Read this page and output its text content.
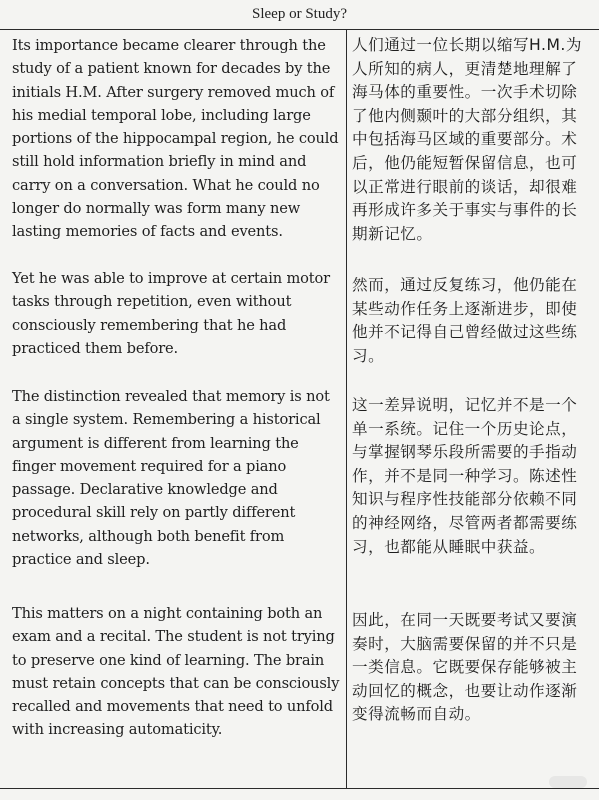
Sleep or Study?

Its importance became clearer through the study of a patient known for decades by the initials H.M. After surgery removed much of his medial temporal lobe, including large portions of the hippocampal region, he could still hold information briefly in mind and carry on a conversation. What he could no longer do normally was form many new lasting memories of facts and events.

Yet he was able to improve at certain motor tasks through repetition, even without consciously remembering that he had practiced them before.

The distinction revealed that memory is not a single system. Remembering a historical argument is different from learning the finger movement required for a piano passage. Declarative knowledge and procedural skill rely on partly different networks, although both benefit from practice and sleep.

This matters on a night containing both an exam and a recital. The student is not trying to preserve one kind of learning. The brain must retain concepts that can be consciously recalled and movements that need to unfold with increasing automaticity.

人们通过一位长期以缩写H.M.为人所知的病人，更清楚地理解了海马体的重要性。一次手术切除了他内侧颞叶的大部分组织，其中包括海马区域的重要部分。术后，他仍能短暂保留信息，也可以正常进行眼前的谈话，却很难再形成许多关于事实与事件的长期新记忆。

然而，通过反复练习，他仍能在某些动作任务上逐渐进步，即使他并不记得自己曾经做过这些练习。

这一差异说明，记忆并不是一个单一系统。记住一个历史论点，与掌握钢琴乐段所需要的手指动作，并不是同一种学习。陈述性知识与程序性技能部分依赖不同的神经网络，尽管两者都需要练习，也都能从睡眠中获益。

因此，在同一天既要考试又要演奏时，大脑需要保留的并不只是一类信息。它既要保存能够被主动回忆的概念，也要让动作逐渐变得流畅而自动。
